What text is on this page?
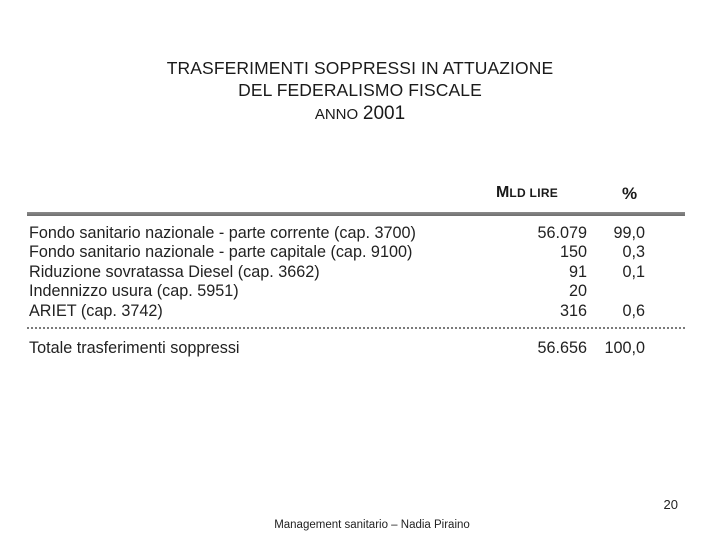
TRASFERIMENTI SOPPRESSI IN ATTUAZIONE
DEL FEDERALISMO FISCALE
ANNO 2001
MLD LIRE	%
Fondo sanitario nazionale - parte corrente (cap. 3700)	56.079 99,0
Fondo sanitario nazionale - parte capitale (cap. 9100)	150 0,3
Riduzione sovratassa Diesel (cap. 3662)	91 0,1
Indennizzo usura (cap. 5951)	20
ARIET (cap. 3742)	316 0,6
Totale trasferimenti soppressi	56.656 100,0
20
Management sanitario – Nadia Piraino
